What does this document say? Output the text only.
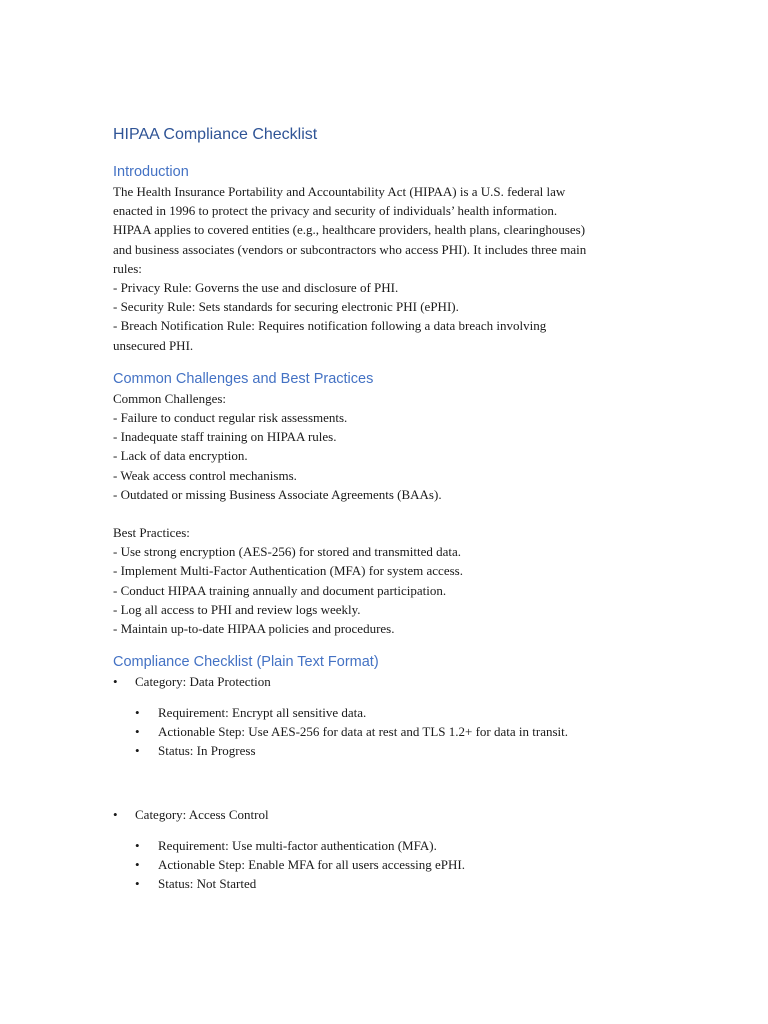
HIPAA Compliance Checklist
Introduction

The Health Insurance Portability and Accountability Act (HIPAA) is a U.S. federal law

enacted in 1996 to protect the privacy and security of individuals’ health information.

HIPAA applies to covered entities (e.g., healthcare providers, health plans, clearinghouses)

and business associates (vendors or subcontractors who access PHI). It includes three main

rules:

- Privacy Rule: Governs the use and disclosure of PHI.

- Security Rule: Sets standards for securing electronic PHI (ePHI).

- Breach Notification Rule: Requires notification following a data breach involving

unsecured PHI.

Common Challenges and Best Practices

Common Challenges:

- Failure to conduct regular risk assessments.

- Inadequate staff training on HIPAA rules.

- Lack of data encryption.

- Weak access control mechanisms.

- Outdated or missing Business Associate Agreements (BAAs).

Best Practices:

- Use strong encryption (AES-256) for stored and transmitted data.

- Implement Multi-Factor Authentication (MFA) for system access.

- Conduct HIPAA training annually and document participation.

- Log all access to PHI and review logs weekly.

- Maintain up-to-date HIPAA policies and procedures.

Compliance Checklist (Plain Text Format)
• Category: Data Protection
• Requirement: Encrypt all sensitive data.
• Actionable Step: Use AES-256 for data at rest and TLS 1.2+ for data in transit.
• Status: In Progress
• Category: Access Control
• Requirement: Use multi-factor authentication (MFA).
• Actionable Step: Enable MFA for all users accessing ePHI.
• Status: Not Started
